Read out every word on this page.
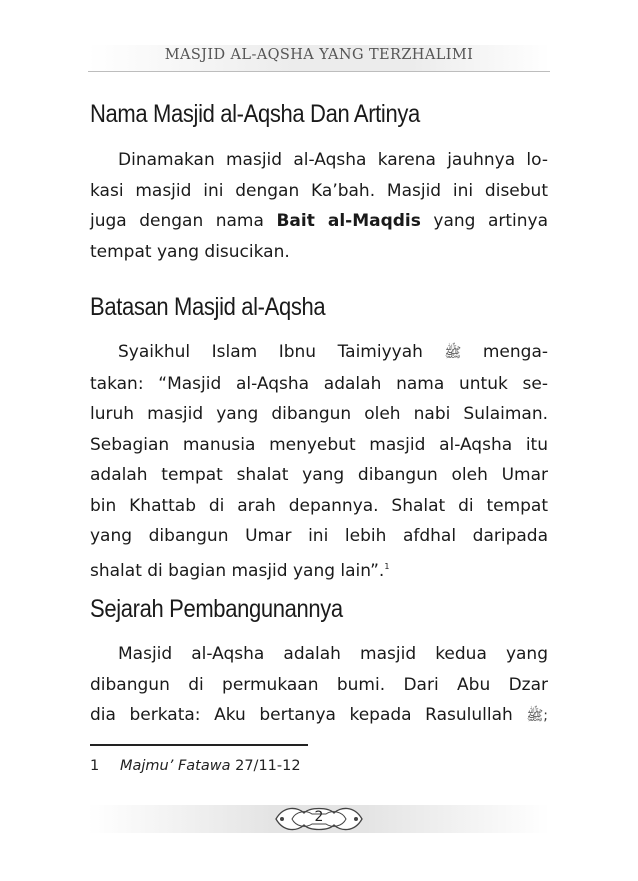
MASJID AL-AQSHA YANG TERZHALIMI
Nama Masjid al-Aqsha Dan Artinya
Dinamakan masjid al-Aqsha karena jauhnya lo-
kasi masjid ini dengan Ka’bah. Masjid ini disebut
juga dengan nama Bait al-Maqdis yang artinya
tempat yang disucikan.
Batasan Masjid al-Aqsha
Syaikhul Islam Ibnu Taimiyyah ﷺ menga-
takan: “Masjid al-Aqsha adalah nama untuk se-
luruh masjid yang dibangun oleh nabi Sulaiman.
Sebagian manusia menyebut masjid al-Aqsha itu
adalah tempat shalat yang dibangun oleh Umar
bin Khattab di arah depannya. Shalat di tempat
yang dibangun Umar ini lebih afdhal daripada
shalat di bagian masjid yang lain”.$^1$
Sejarah Pembangunannya
Masjid al-Aqsha adalah masjid kedua yang
dibangun di permukaan bumi. Dari Abu Dzar
dia berkata: Aku bertanya kepada Rasulullah ﷺ;
1 Majmu’ Fatawa 27/11-12
2
